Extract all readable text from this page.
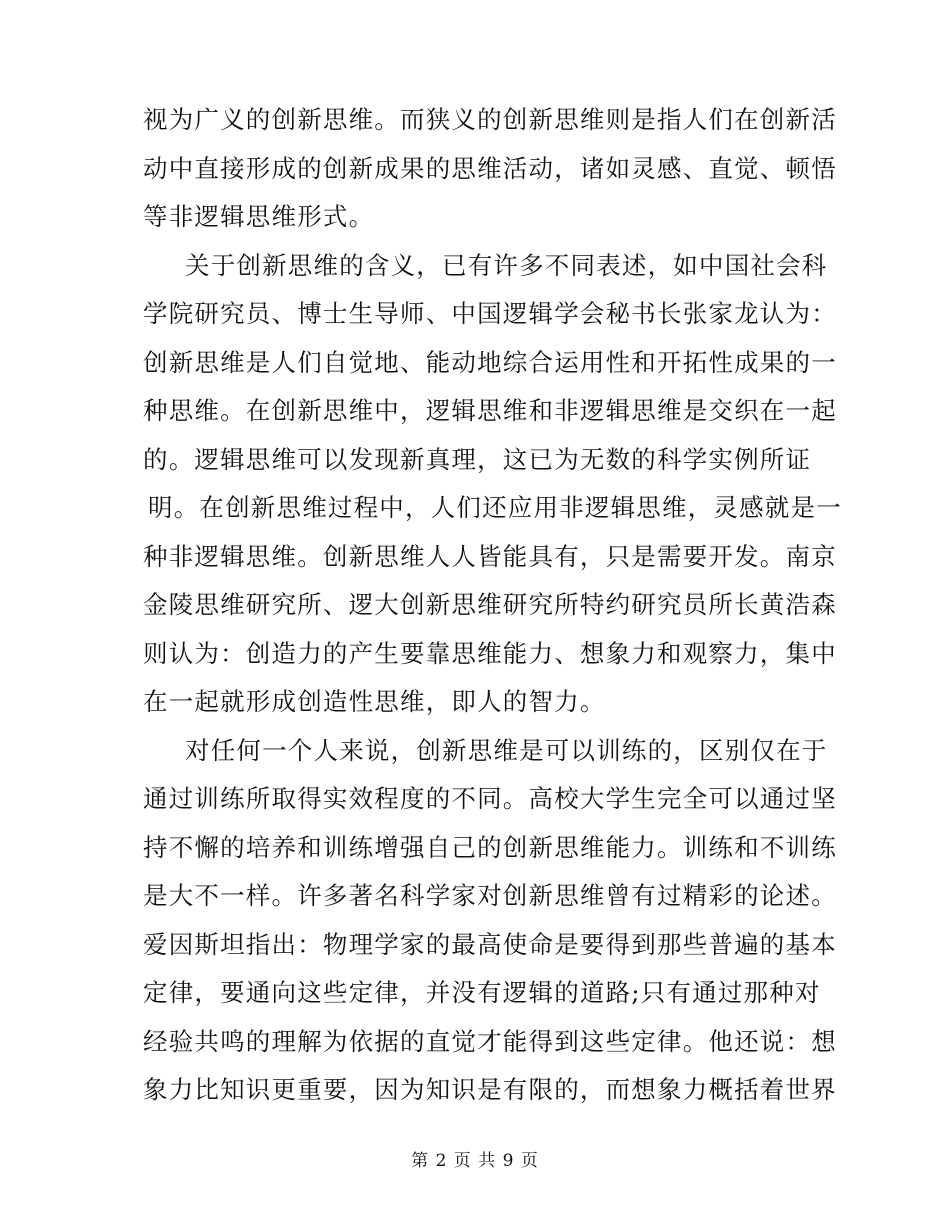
视为广义的创新思维。而狭义的创新思维则是指人们在创新活
动中直接形成的创新成果的思维活动，诸如灵感、直觉、顿悟
等非逻辑思维形式。
关于创新思维的含义，已有许多不同表述，如中国社会科
学院研究员、博士生导师、中国逻辑学会秘书长张家龙认为：
创新思维是人们自觉地、能动地综合运用性和开拓性成果的一
种思维。在创新思维中，逻辑思维和非逻辑思维是交织在一起
的。逻辑思维可以发现新真理，这已为无数的科学实例所证
明。在创新思维过程中，人们还应用非逻辑思维，灵感就是一
种非逻辑思维。创新思维人人皆能具有，只是需要开发。南京
金陵思维研究所、逻大创新思维研究所特约研究员所长黄浩森
则认为：创造力的产生要靠思维能力、想象力和观察力，集中
在一起就形成创造性思维，即人的智力。
对任何一个人来说，创新思维是可以训练的，区别仅在于
通过训练所取得实效程度的不同。高校大学生完全可以通过坚
持不懈的培养和训练增强自己的创新思维能力。训练和不训练
是大不一样。许多著名科学家对创新思维曾有过精彩的论述。
爱因斯坦指出：物理学家的最高使命是要得到那些普遍的基本
定律，要通向这些定律，并没有逻辑的道路;只有通过那种对
经验共鸣的理解为依据的直觉才能得到这些定律。他还说：想
象力比知识更重要，因为知识是有限的，而想象力概括着世界
第 2 页 共 9 页
